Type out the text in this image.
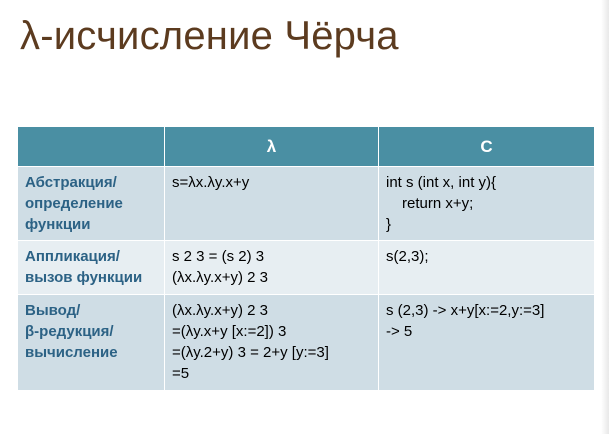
λ-исчисление Чёрча
	λ	C

Абстракция/
определение
функции	s=λx.λy.x+y	int s (int x, int y){
return x+y;
}

Аппликация/
вызов функции	s 2 3 = (s 2) 3
(λx.λy.x+y) 2 3	s(2,3);

Вывод/
β-редукция/
вычисление	(λx.λy.x+y) 2 3
=(λy.x+y [x:=2]) 3
=(λy.2+y) 3 = 2+y [y:=3]
=5	s (2,3) -> x+y[x:=2,y:=3]
-> 5
